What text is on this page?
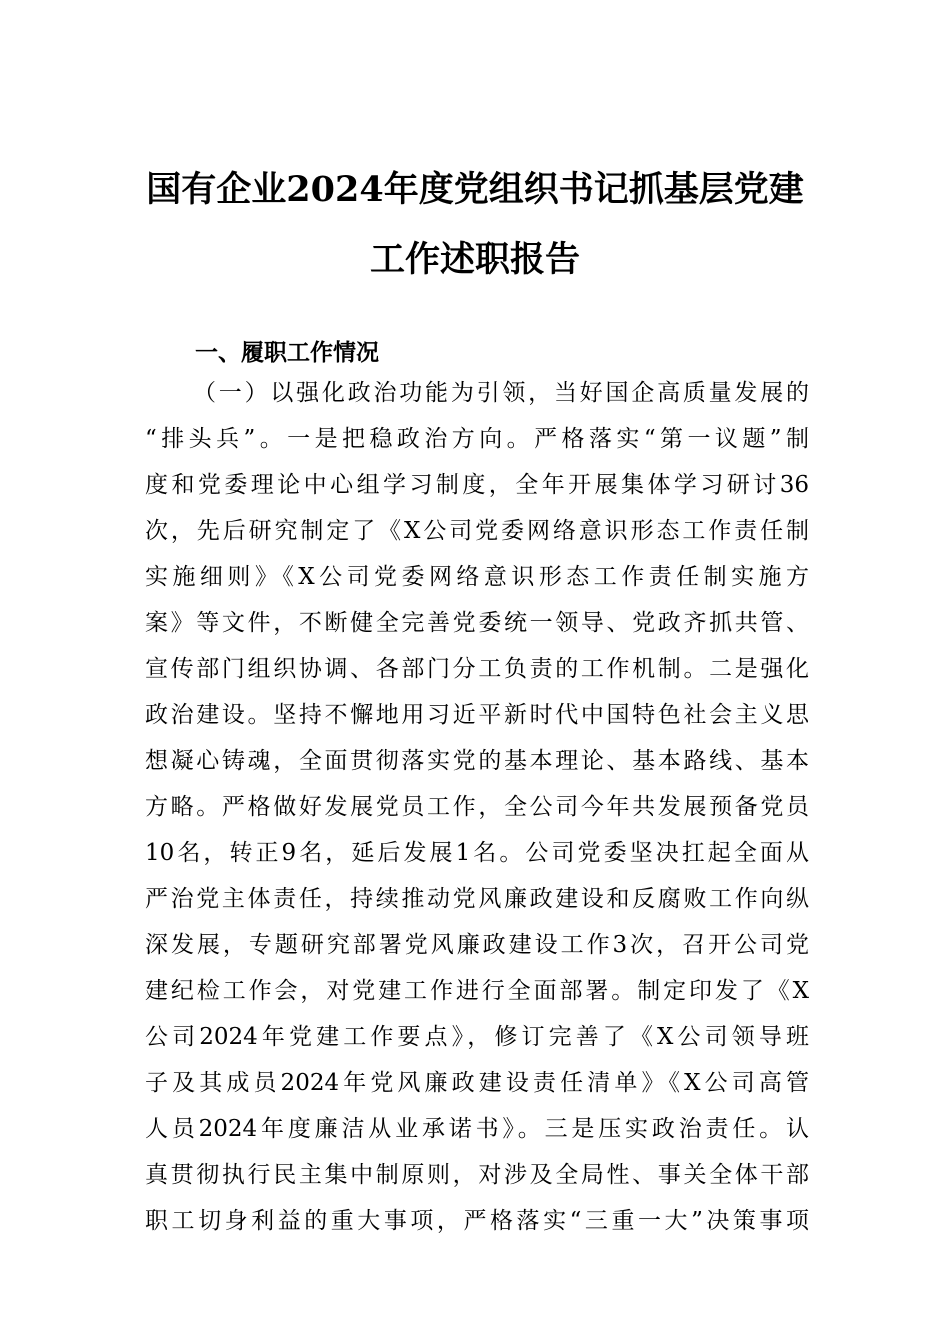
国有企业2024年度党组织书记抓基层党建
工作述职报告
一、履职工作情况
（一）以强化政治功能为引领，当好国企高质量发展的
“排头兵”。一是把稳政治方向。严格落实“第一议题”制
度和党委理论中心组学习制度，全年开展集体学习研讨36
次，先后研究制定了《X公司党委网络意识形态工作责任制
实施细则》《X公司党委网络意识形态工作责任制实施方
案》等文件，不断健全完善党委统一领导、党政齐抓共管、
宣传部门组织协调、各部门分工负责的工作机制。二是强化
政治建设。坚持不懈地用习近平新时代中国特色社会主义思
想凝心铸魂，全面贯彻落实党的基本理论、基本路线、基本
方略。严格做好发展党员工作，全公司今年共发展预备党员
10名，转正9名，延后发展1名。公司党委坚决扛起全面从
严治党主体责任，持续推动党风廉政建设和反腐败工作向纵
深发展，专题研究部署党风廉政建设工作3次，召开公司党
建纪检工作会，对党建工作进行全面部署。制定印发了《X
公司2024年党建工作要点》，修订完善了《X公司领导班
子及其成员2024年党风廉政建设责任清单》《X公司高管
人员2024年度廉洁从业承诺书》。三是压实政治责任。认
真贯彻执行民主集中制原则，对涉及全局性、事关全体干部
职工切身利益的重大事项，严格落实“三重一大”决策事项
